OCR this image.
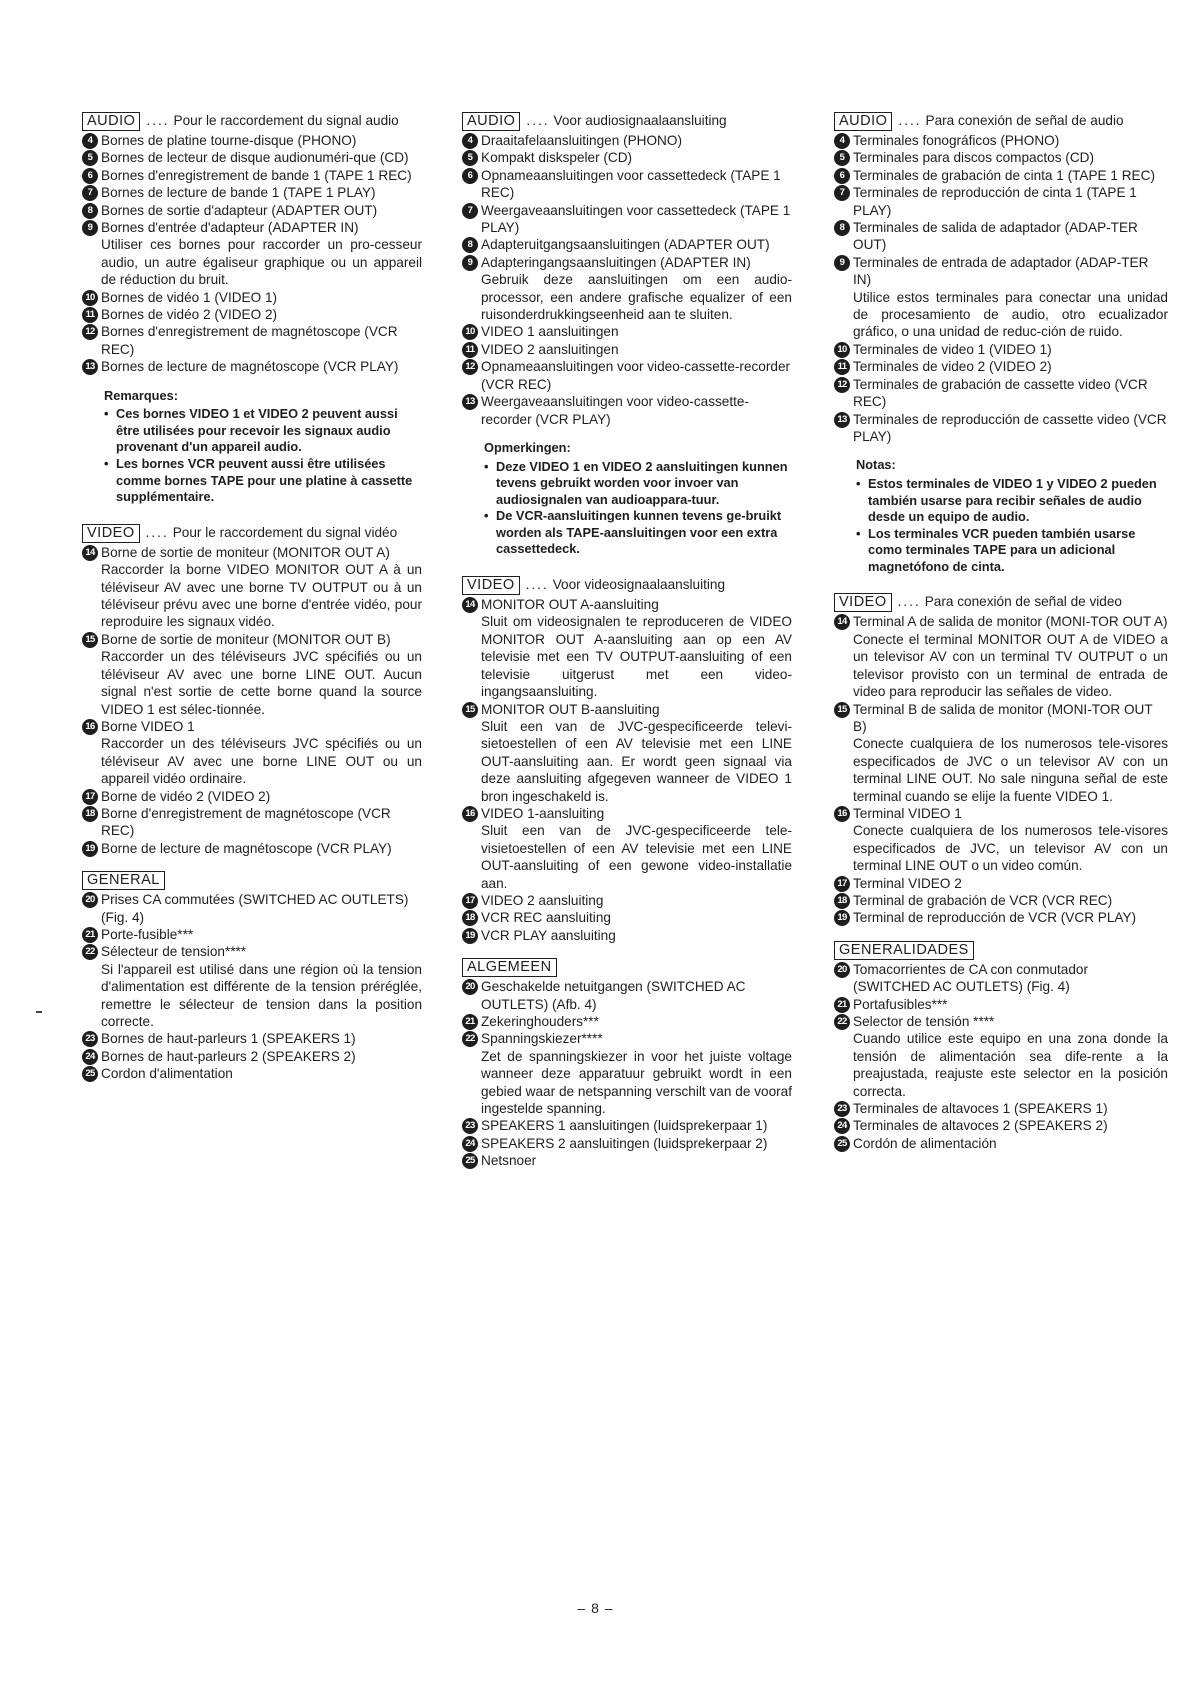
AUDIO .... Pour le raccordement du signal audio
4 Bornes de platine tourne-disque (PHONO)
5 Bornes de lecteur de disque audionuméri-que (CD)
6 Bornes d'enregistrement de bande 1 (TAPE 1 REC)
7 Bornes de lecture de bande 1 (TAPE 1 PLAY)
8 Bornes de sortie d'adapteur (ADAPTER OUT)
9 Bornes d'entrée d'adapteur (ADAPTER IN)

Utiliser ces bornes pour raccorder un pro-cesseur audio, un autre égaliseur graphique ou un appareil de réduction du bruit.

10 Bornes de vidéo 1 (VIDEO 1)
11 Bornes de vidéo 2 (VIDEO 2)
12 Bornes d'enregistrement de magnétoscope (VCR REC)
13 Bornes de lecture de magnétoscope (VCR PLAY)
Remarques:
• Ces bornes VIDEO 1 et VIDEO 2 peuvent aussi être utilisées pour recevoir les signaux audio provenant d'un appareil audio.
• Les bornes VCR peuvent aussi être utilisées comme bornes TAPE pour une platine à cassette supplémentaire.
VIDEO .... Pour le raccordement du signal vidéo
14 Borne de sortie de moniteur (MONITOR OUT A)

Raccorder la borne VIDEO MONITOR OUT A à un téléviseur AV avec une borne TV OUTPUT ou à un téléviseur prévu avec une borne d'entrée vidéo, pour reproduire les signaux vidéo.

15 Borne de sortie de moniteur (MONITOR OUT B)

Raccorder un des téléviseurs JVC spécifiés ou un téléviseur AV avec une borne LINE OUT. Aucun signal n'est sortie de cette borne quand la source VIDEO 1 est sélec-tionnée.

16 Borne VIDEO 1

Raccorder un des téléviseurs JVC spécifiés ou un téléviseur AV avec une borne LINE OUT ou un appareil vidéo ordinaire.

17 Borne de vidéo 2 (VIDEO 2)
18 Borne d'enregistrement de magnétoscope (VCR REC)
19 Borne de lecture de magnétoscope (VCR PLAY)
GENERAL
20 Prises CA commutées (SWITCHED AC OUTLETS) (Fig. 4)
21 Porte-fusible***
22 Sélecteur de tension****

Si l'appareil est utilisé dans une région où la tension d'alimentation est différente de la tension préréglée, remettre le sélecteur de tension dans la position correcte.

23 Bornes de haut-parleurs 1 (SPEAKERS 1)
24 Bornes de haut-parleurs 2 (SPEAKERS 2)
25 Cordon d'alimentation
AUDIO .... Voor audiosignaalaansluiting
4 Draaitafelaansluitingen (PHONO)
5 Kompakt diskspeler (CD)
6 Opnameaansluitingen voor cassettedeck (TAPE 1 REC)
7 Weergaveaansluitingen voor cassettedeck (TAPE 1 PLAY)
8 Adapteruitgangsaansluitingen (ADAPTER OUT)
9 Adapteringangsaansluitingen (ADAPTER IN)

Gebruik deze aansluitingen om een audio-processor, een andere grafische equalizer of een ruisonderdrukkingseenheid aan te sluiten.

10 VIDEO 1 aansluitingen
11 VIDEO 2 aansluitingen
12 Opnameaansluitingen voor video-cassette-recorder (VCR REC)
13 Weergaveaansluitingen voor video-cassette-recorder (VCR PLAY)
Opmerkingen:
• Deze VIDEO 1 en VIDEO 2 aansluitingen kunnen tevens gebruikt worden voor invoer van audiosignalen van audioappara-tuur.
• De VCR-aansluitingen kunnen tevens ge-bruikt worden als TAPE-aansluitingen voor een extra cassettedeck.
VIDEO .... Voor videosignaalaansluiting
14 MONITOR OUT A-aansluiting

Sluit om videosignalen te reproduceren de VIDEO MONITOR OUT A-aansluiting aan op een AV televisie met een TV OUTPUT-aansluiting of een televisie uitgerust met een video-ingangsaansluiting.

15 MONITOR OUT B-aansluiting

Sluit een van de JVC-gespecificeerde televi-sietoestellen of een AV televisie met een LINE OUT-aansluiting aan. Er wordt geen signaal via deze aansluiting afgegeven wanneer de VIDEO 1 bron ingeschakeld is.

16 VIDEO 1-aansluiting

Sluit een van de JVC-gespecificeerde tele-visietoestellen of een AV televisie met een LINE OUT-aansluiting of een gewone video-installatie aan.

17 VIDEO 2 aansluiting
18 VCR REC aansluiting
19 VCR PLAY aansluiting
ALGEMEEN
20 Geschakelde netuitgangen (SWITCHED AC OUTLETS) (Afb. 4)
21 Zekeringhouders***
22 Spanningskiezer****

Zet de spanningskiezer in voor het juiste voltage wanneer deze apparatuur gebruikt wordt in een gebied waar de netspanning verschilt van de vooraf ingestelde spanning.

23 SPEAKERS 1 aansluitingen (luidsprekerpaar 1)
24 SPEAKERS 2 aansluitingen (luidsprekerpaar 2)
25 Netsnoer
AUDIO .... Para conexión de señal de audio
4 Terminales fonográficos (PHONO)
5 Terminales para discos compactos (CD)
6 Terminales de grabación de cinta 1 (TAPE 1 REC)
7 Terminales de reproducción de cinta 1 (TAPE 1 PLAY)
8 Terminales de salida de adaptador (ADAP-TER OUT)
9 Terminales de entrada de adaptador (ADAP-TER IN)

Utilice estos terminales para conectar una unidad de procesamiento de audio, otro ecualizador gráfico, o una unidad de reduc-ción de ruido.

10 Terminales de video 1 (VIDEO 1)
11 Terminales de video 2 (VIDEO 2)
12 Terminales de grabación de cassette video (VCR REC)
13 Terminales de reproducción de cassette video (VCR PLAY)
Notas:
• Estos terminales de VIDEO 1 y VIDEO 2 pueden también usarse para recibir señales de audio desde un equipo de audio.
• Los terminales VCR pueden también usarse como terminales TAPE para un adicional magnetófono de cinta.
VIDEO .... Para conexión de señal de video
14 Terminal A de salida de monitor (MONI-TOR OUT A)

Conecte el terminal MONITOR OUT A de VIDEO a un televisor AV con un terminal TV OUTPUT o un televisor provisto con un terminal de entrada de video para reproducir las señales de video.

15 Terminal B de salida de monitor (MONI-TOR OUT B)

Conecte cualquiera de los numerosos tele-visores especificados de JVC o un televisor AV con un terminal LINE OUT. No sale ninguna señal de este terminal cuando se elije la fuente VIDEO 1.

16 Terminal VIDEO 1

Conecte cualquiera de los numerosos tele-visores especificados de JVC, un televisor AV con un terminal LINE OUT o un video común.

17 Terminal VIDEO 2
18 Terminal de grabación de VCR (VCR REC)
19 Terminal de reproducción de VCR (VCR PLAY)
GENERALIDADES
20 Tomacorrientes de CA con conmutador (SWITCHED AC OUTLETS) (Fig. 4)
21 Portafusibles***
22 Selector de tensión ****

Cuando utilice este equipo en una zona donde la tensión de alimentación sea dife-rente a la preajustada, reajuste este selector en la posición correcta.

23 Terminales de altavoces 1 (SPEAKERS 1)
24 Terminales de altavoces 2 (SPEAKERS 2)
25 Cordón de alimentación
– 8 –
